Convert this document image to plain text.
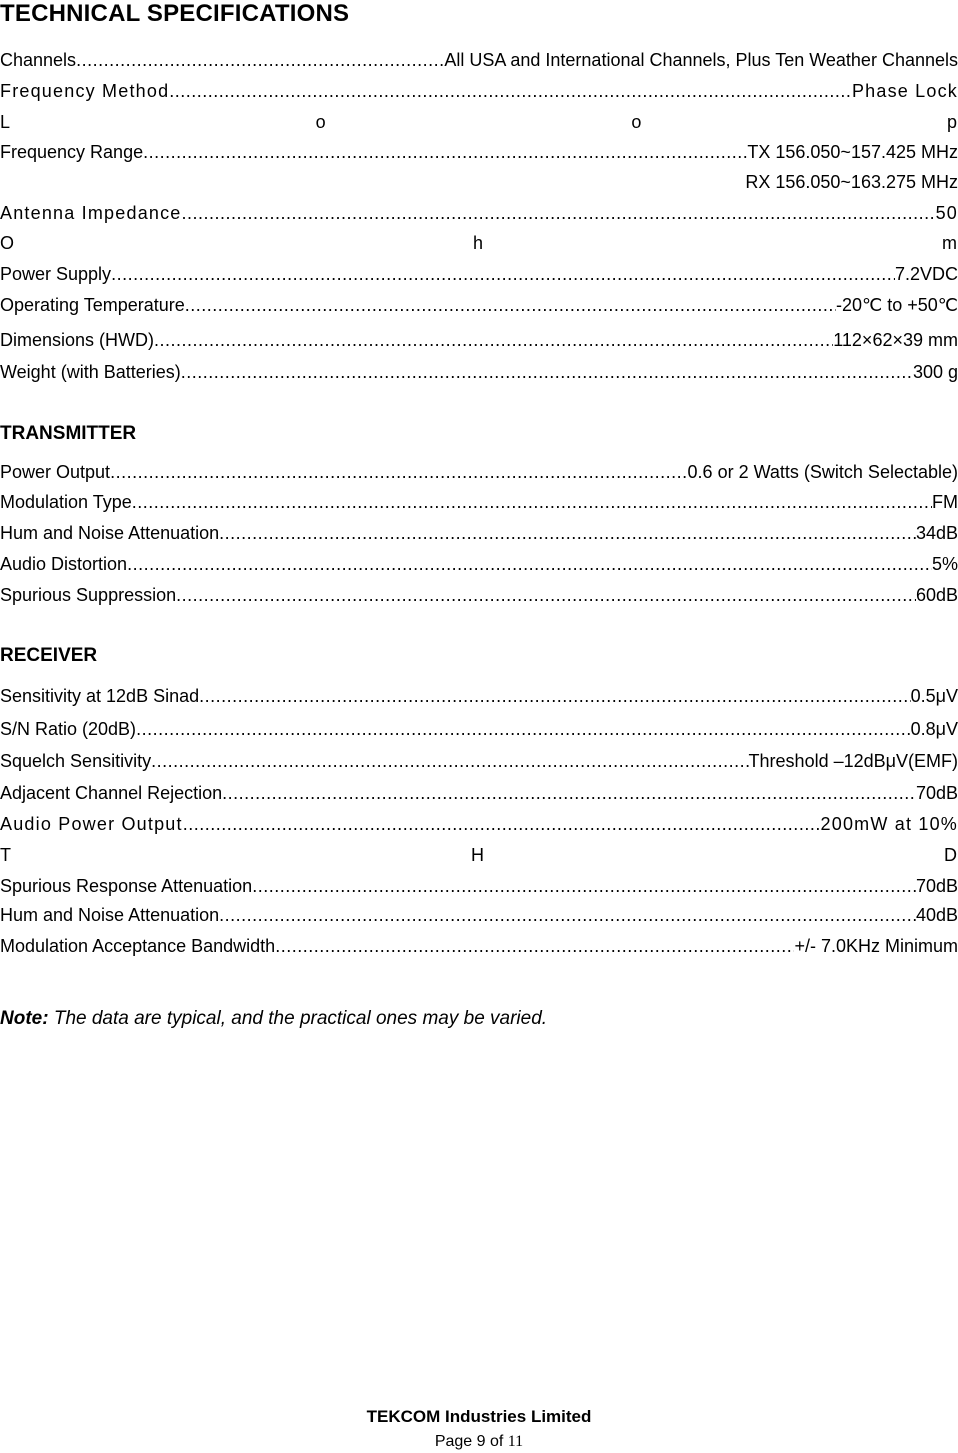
TECHNICAL SPECIFICATIONS
Channels .....	All USA and International Channels, Plus Ten Weather Channels
Frequency Method .....	Phase Lock
L	o	o	p
Frequency Range .....	TX 156.050~157.425 MHz
RX 156.050~163.275 MHz
Antenna Impedance .....	50
O	h	m
Power Supply .....	7.2VDC
Operating Temperature .....	-20℃ to +50℃
Dimensions (HWD) .....	112×62×39 mm
Weight (with Batteries) .....	300 g
TRANSMITTER
Power Output .....	0.6 or 2 Watts (Switch Selectable)
Modulation Type .....	FM
Hum and Noise Attenuation .....	34dB
Audio Distortion .....	5%
Spurious Suppression .....	60dB
RECEIVER
Sensitivity at 12dB Sinad .....	0.5μV
S/N Ratio (20dB) .....	0.8μV
Squelch Sensitivity .....	Threshold –12dBμV(EMF)
Adjacent Channel Rejection .....	70dB
Audio Power Output .....	200mW at 10%
T	H	D
Spurious Response Attenuation .....	70dB
Hum and Noise Attenuation .....	40dB
Modulation Acceptance Bandwidth .....	+/- 7.0KHz Minimum
Note: The data are typical, and the practical ones may be varied.
TEKCOM Industries Limited
Page 9 of 11
